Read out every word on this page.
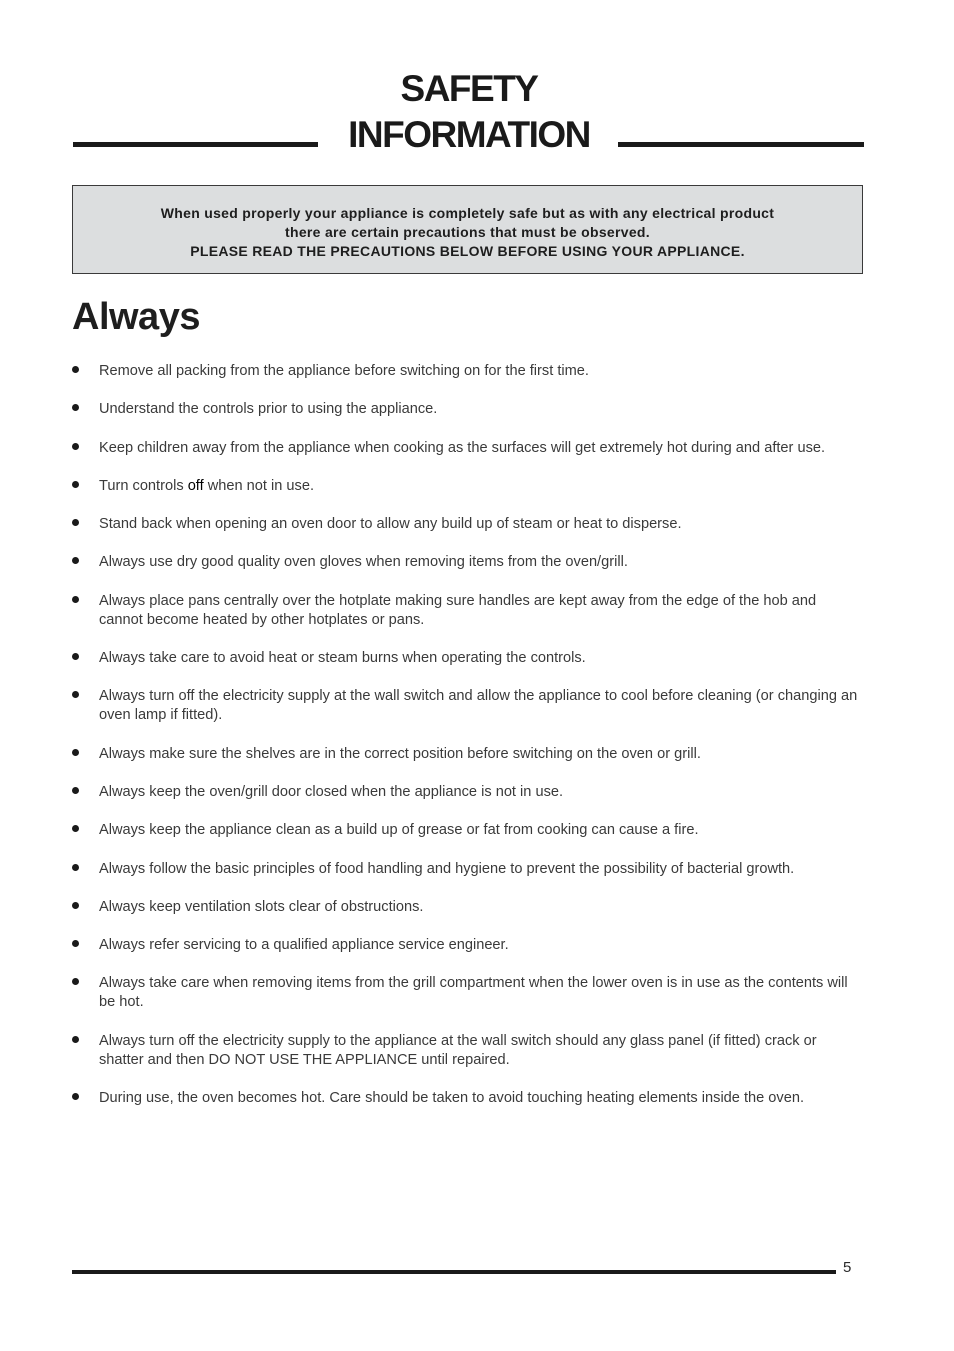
SAFETY
INFORMATION
When used properly your appliance is completely safe but as with any electrical product
there are certain precautions that must be observed.
PLEASE READ THE PRECAUTIONS BELOW BEFORE USING YOUR APPLIANCE.
Always
Remove all packing from the appliance before switching on for the first time.
Understand the controls prior to using the appliance.
Keep children away from the appliance when cooking as the surfaces will get extremely hot during and after use.
Turn controls off when not in use.
Stand back when opening an oven door to allow any build up of steam or heat to disperse.
Always use dry good quality oven gloves when removing items from the oven/grill.
Always place pans centrally over the hotplate making sure handles are kept away from the edge of the hob and cannot become heated by other hotplates or pans.
Always take care to avoid heat or steam burns when operating the controls.
Always turn off the electricity supply at the wall switch and allow the appliance to cool before cleaning (or changing an oven lamp if fitted).
Always make sure the shelves are in the correct position before switching on the oven or grill.
Always keep the oven/grill door closed when the appliance is not in use.
Always keep the appliance clean as a build up of grease or fat from cooking can cause a fire.
Always follow the basic principles of food handling and hygiene to prevent the possibility of bacterial growth.
Always keep ventilation slots clear of obstructions.
Always refer servicing to a qualified appliance service engineer.
Always take care when removing items from the grill compartment when the lower oven is in use as the contents will be hot.
Always turn off the electricity supply to the appliance at the wall switch should any glass panel (if fitted) crack or shatter and then DO NOT USE THE APPLIANCE until repaired.
During use, the oven becomes hot. Care should be taken to avoid touching heating elements inside the oven.
5
